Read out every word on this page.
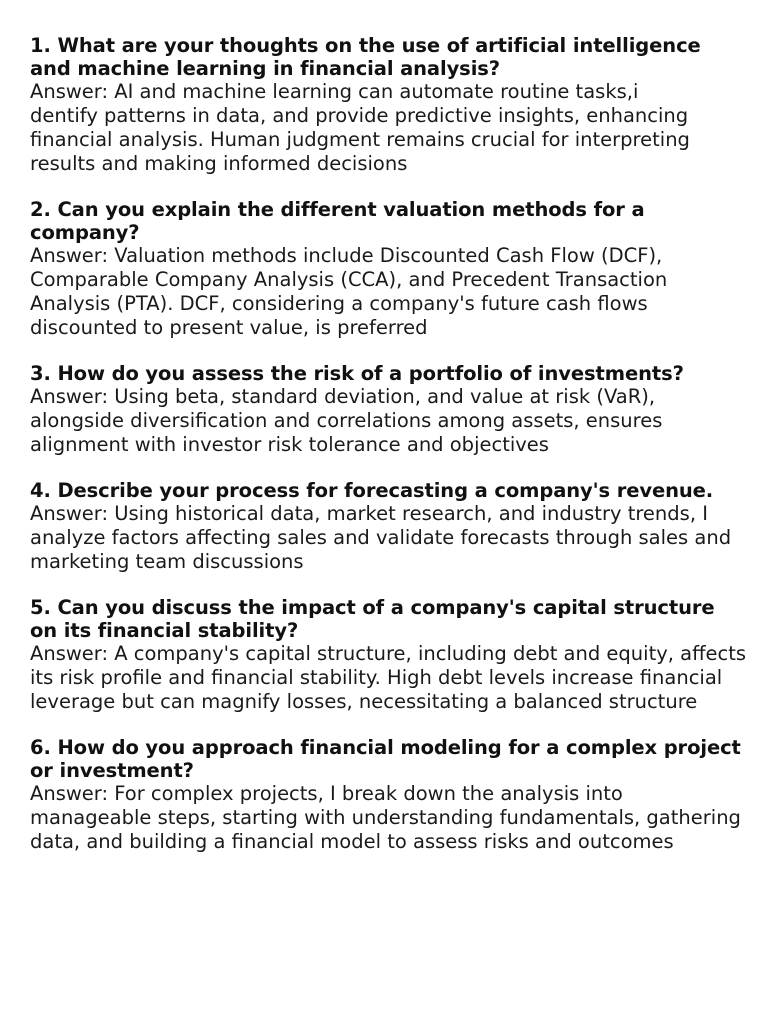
1. What are your thoughts on the use of artificial intelligence and machine learning in financial analysis?

Answer: AI and machine learning can automate routine tasks,i
dentify patterns in data, and provide predictive insights, enhancing financial analysis. Human judgment remains crucial for interpreting results and making informed decisions

2. Can you explain the different valuation methods for a company?

Answer: Valuation methods include Discounted Cash Flow (DCF), Comparable Company Analysis (CCA), and Precedent Transaction Analysis (PTA). DCF, considering a company's future cash flows discounted to present value, is preferred

3. How do you assess the risk of a portfolio of investments?

Answer: Using beta, standard deviation, and value at risk (VaR), alongside diversification and correlations among assets, ensures alignment with investor risk tolerance and objectives

4. Describe your process for forecasting a company's revenue.

Answer: Using historical data, market research, and industry trends, I analyze factors affecting sales and validate forecasts through sales and marketing team discussions

5. Can you discuss the impact of a company's capital structure on its financial stability?

Answer: A company's capital structure, including debt and equity, affects its risk profile and financial stability. High debt levels increase financial leverage but can magnify losses, necessitating a balanced structure

6. How do you approach financial modeling for a complex project or investment?

Answer: For complex projects, I break down the analysis into manageable steps, starting with understanding fundamentals, gathering data, and building a financial model to assess risks and outcomes
